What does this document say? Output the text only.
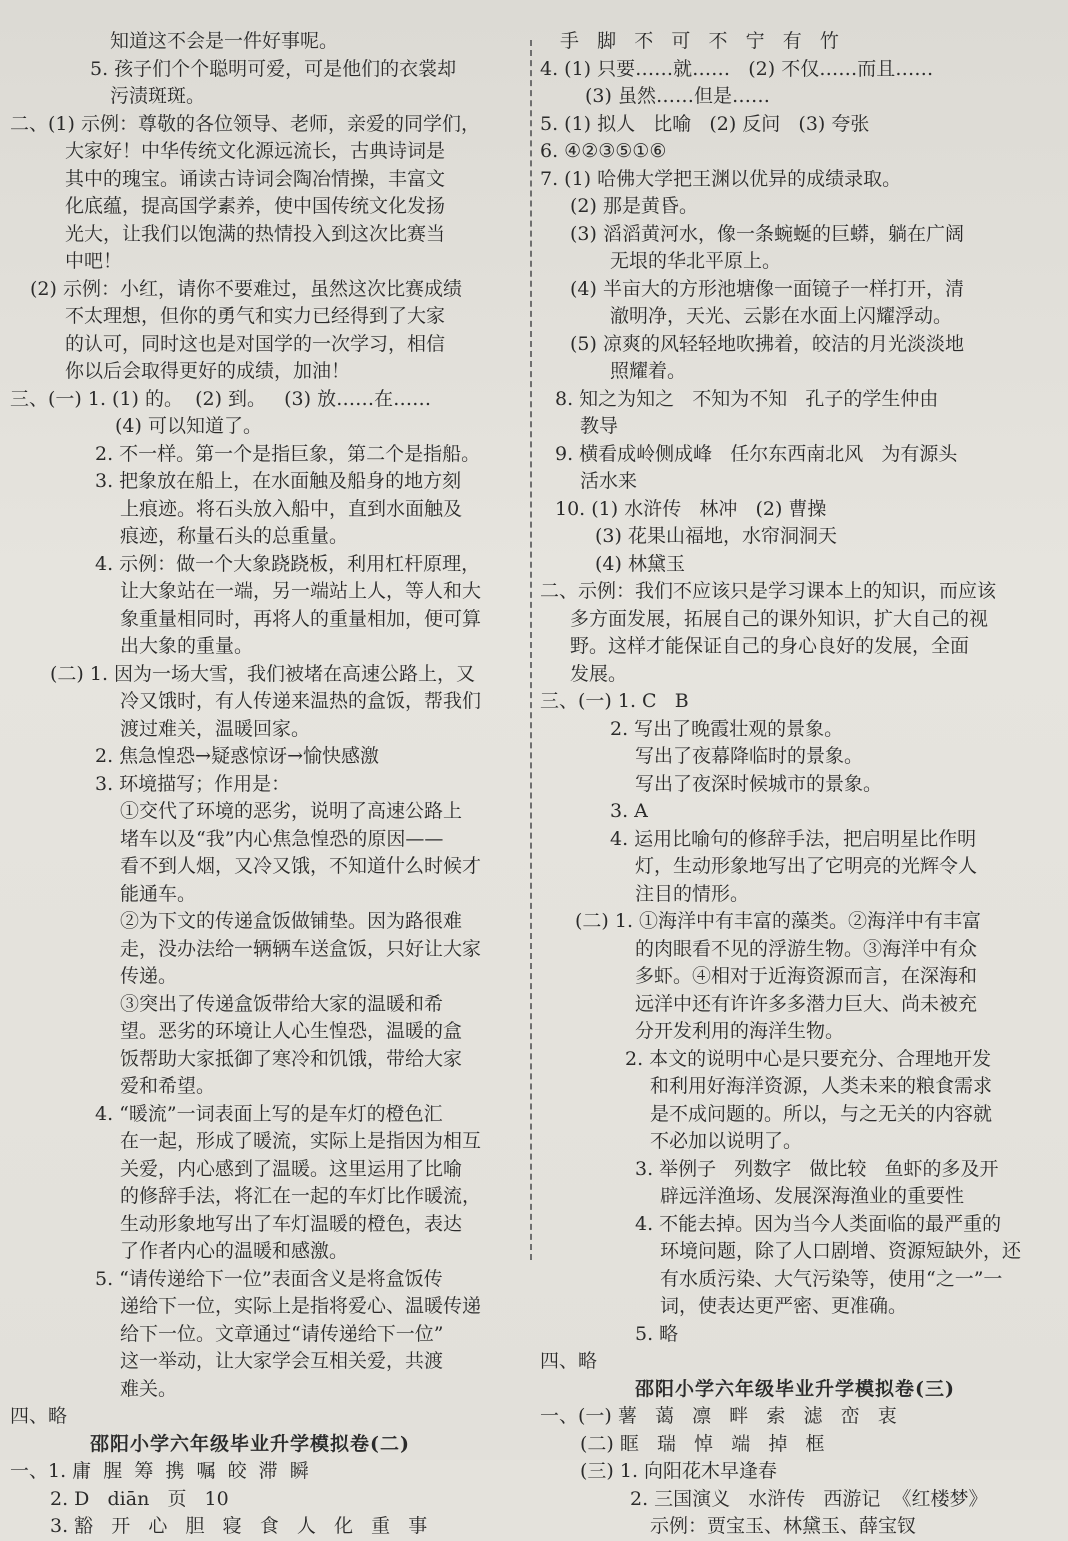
知道这不会是一件好事呢。
5. 孩子们个个聪明可爱，可是他们的衣裳却
污渍斑斑。
二、(1) 示例：尊敬的各位领导、老师，亲爱的同学们，
大家好！中华传统文化源远流长，古典诗词是
其中的瑰宝。诵读古诗词会陶冶情操，丰富文
化底蕴，提高国学素养，使中国传统文化发扬
光大，让我们以饱满的热情投入到这次比赛当
中吧！
(2) 示例：小红，请你不要难过，虽然这次比赛成绩
不太理想，但你的勇气和实力已经得到了大家
的认可，同时这也是对国学的一次学习，相信
你以后会取得更好的成绩，加油！
三、(一) 1. (1) 的。  (2) 到。   (3) 放……在……
(4) 可以知道了。
2. 不一样。第一个是指巨象，第二个是指船。
3. 把象放在船上，在水面触及船身的地方刻
上痕迹。将石头放入船中，直到水面触及
痕迹，称量石头的总重量。
4. 示例：做一个大象跷跷板，利用杠杆原理，
让大象站在一端，另一端站上人，等人和大
象重量相同时，再将人的重量相加，便可算
出大象的重量。
(二) 1. 因为一场大雪，我们被堵在高速公路上，又
冷又饿时，有人传递来温热的盒饭，帮我们
渡过难关，温暖回家。
2. 焦急惶恐→疑惑惊讶→愉快感激
3. 环境描写；作用是：
①交代了环境的恶劣，说明了高速公路上
堵车以及“我”内心焦急惶恐的原因——
看不到人烟，又冷又饿，不知道什么时候才
能通车。
②为下文的传递盒饭做铺垫。因为路很难
走，没办法给一辆辆车送盒饭，只好让大家
传递。
③突出了传递盒饭带给大家的温暖和希
望。恶劣的环境让人心生惶恐，温暖的盒
饭帮助大家抵御了寒冷和饥饿，带给大家
爱和希望。
4. “暖流”一词表面上写的是车灯的橙色汇
在一起，形成了暖流，实际上是指因为相互
关爱，内心感到了温暖。这里运用了比喻
的修辞手法，将汇在一起的车灯比作暖流，
生动形象地写出了车灯温暖的橙色，表达
了作者内心的温暖和感激。
5. “请传递给下一位”表面含义是将盒饭传
递给下一位，实际上是指将爱心、温暖传递
给下一位。文章通过“请传递给下一位”
这一举动，让大家学会互相关爱，共渡
难关。
四、略
邵阳小学六年级毕业升学模拟卷(二)
一、1. 庸  腥  筹  携  嘱  皎  滞  瞬
2. D   diān   页   10
3. 豁   开   心   胆   寝   食   人   化   重   事
手   脚   不   可   不   宁   有   竹
4. (1) 只要……就……   (2) 不仅……而且……
(3) 虽然……但是……
5. (1) 拟人   比喻   (2) 反问   (3) 夸张
6. ④②③⑤①⑥
7. (1) 哈佛大学把王渊以优异的成绩录取。
(2) 那是黄昏。
(3) 滔滔黄河水，像一条蜿蜒的巨蟒，躺在广阔
无垠的华北平原上。
(4) 半亩大的方形池塘像一面镜子一样打开，清
澈明净，天光、云影在水面上闪耀浮动。
(5) 凉爽的风轻轻地吹拂着，皎洁的月光淡淡地
照耀着。
8. 知之为知之   不知为不知   孔子的学生仲由
教导
9. 横看成岭侧成峰   任尔东西南北风   为有源头
活水来
10. (1) 水浒传   林冲   (2) 曹操
(3) 花果山福地，水帘洞洞天
(4) 林黛玉
二、示例：我们不应该只是学习课本上的知识，而应该
多方面发展，拓展自己的课外知识，扩大自己的视
野。这样才能保证自己的身心良好的发展，全面
发展。
三、(一) 1. C   B
2. 写出了晚霞壮观的景象。
写出了夜幕降临时的景象。
写出了夜深时候城市的景象。
3. A
4. 运用比喻句的修辞手法，把启明星比作明
灯，生动形象地写出了它明亮的光辉令人
注目的情形。
(二) 1. ①海洋中有丰富的藻类。②海洋中有丰富
的肉眼看不见的浮游生物。③海洋中有众
多虾。④相对于近海资源而言，在深海和
远洋中还有许许多多潜力巨大、尚未被充
分开发利用的海洋生物。
2. 本文的说明中心是只要充分、合理地开发
和利用好海洋资源，人类未来的粮食需求
是不成问题的。所以，与之无关的内容就
不必加以说明了。
3. 举例子   列数字   做比较   鱼虾的多及开
辟远洋渔场、发展深海渔业的重要性
4. 不能去掉。因为当今人类面临的最严重的
环境问题，除了人口剧增、资源短缺外，还
有水质污染、大气污染等，使用“之一”一
词，使表达更严密、更准确。
5. 略
四、略
邵阳小学六年级毕业升学模拟卷(三)
一、(一) 薯   蔼   凛   畔   索   滤   峦   衷
(二) 眶   瑞   悼   端   掉   框
(三) 1. 向阳花木早逢春
2. 三国演义   水浒传   西游记  《红楼梦》
示例：贾宝玉、林黛玉、薛宝钗
